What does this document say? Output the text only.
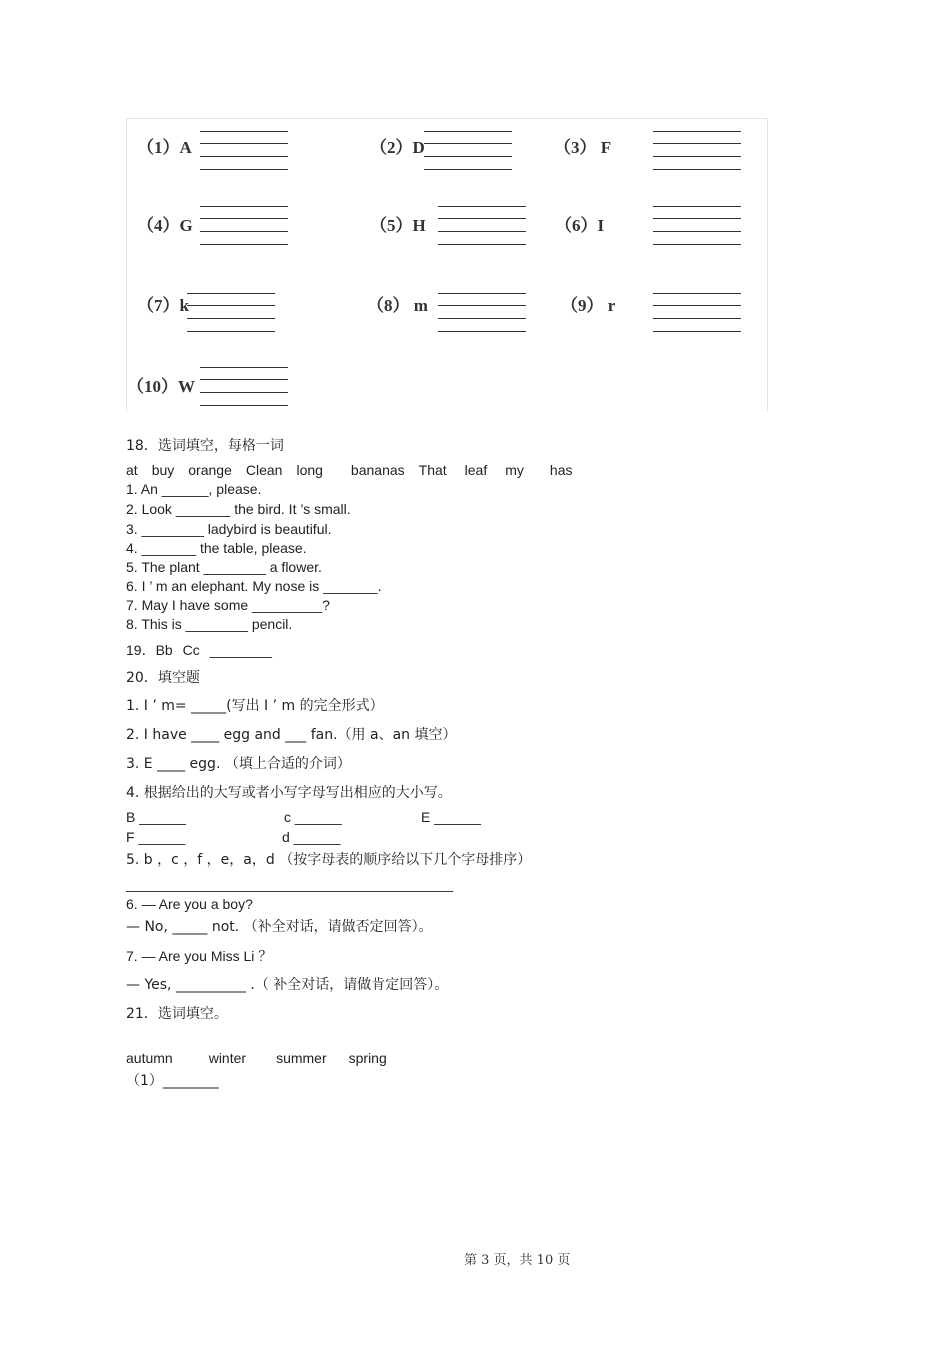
（1）A	（2）D	（3） F
（4）G	（5）H	（6）I
（7）k	（8） m	（9） r
（10）W
18．选词填空，每格一词
at buy orange Clean long bananas That leaf my has
1. An ______, please.
2. Look _______ the bird. It ’s small.
3. ________ ladybird is beautiful.
4. _______ the table, please.
5. The plant ________ a flower.
6. I ’ m an elephant. My nose is _______.
7. May I have some _________?
8. This is ________ pencil.
19．Bb Cc ________
20．填空题
1. I ’ m= _____(写出 I ’ m 的完全形式）
2. I have ____ egg and ___ fan.（用 a、an 填空）
3. E ____ egg. （填上合适的介词）
4. 根据给出的大写或者小写字母写出相应的大小写。
B ______	c ______	E ______
F ______	d ______
5. b ，c ，f ，e，a，d （按字母表的顺序给以下几个字母排序）
__________________________________________
6. — Are you a boy?
— No, _____ not. （补全对话，请做否定回答）。
7. — Are you Miss Li ？
— Yes, __________ .（ 补全对话，请做肯定回答）。
21．选词填空。
autumn	winter summer spring
（1）________
第 3 页，共 10 页
